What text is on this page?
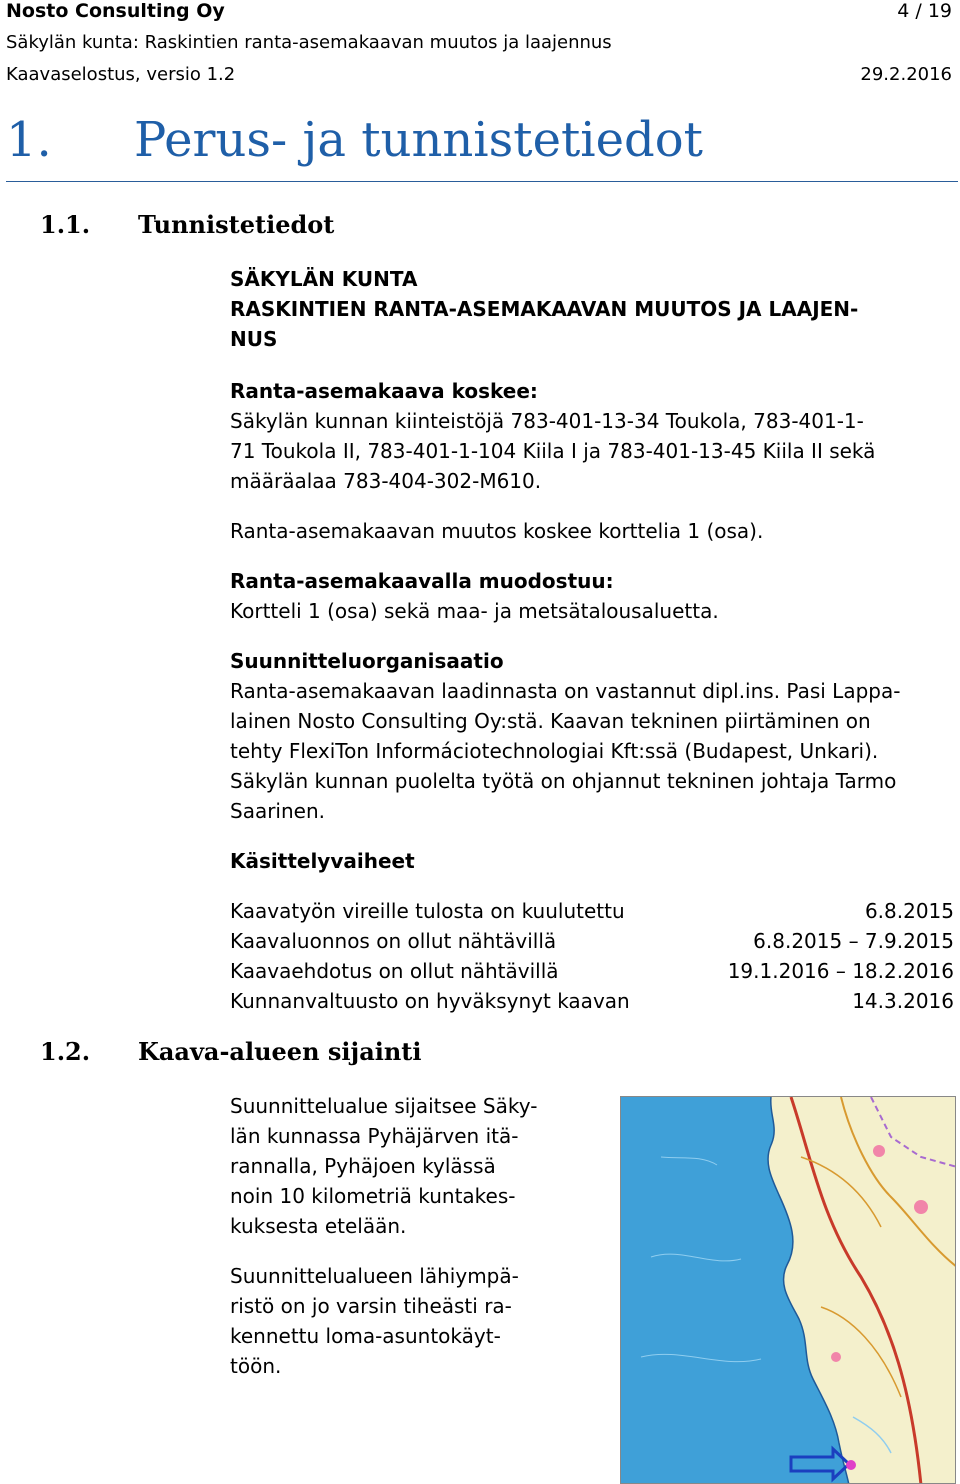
Nosto Consulting Oy	4 / 19
Säkylän kunta: Raskintien ranta-asemakaavan muutos ja laajennus
Kaavaselostus, versio 1.2	29.2.2016
1. Perus- ja tunnistetiedot
1.1. Tunnistetiedot
SÄKYLÄN KUNTA
RASKINTIEN RANTA-ASEMAKAAVAN MUUTOS JA LAAJEN-
NUS
Ranta-asemakaava koskee:
Säkylän kunnan kiinteistöjä 783-401-13-34 Toukola, 783-401-1-
71 Toukola II, 783-401-1-104 Kiila I ja 783-401-13-45 Kiila II sekä
määräalaa 783-404-302-M610.
Ranta-asemakaavan muutos koskee korttelia 1 (osa).
Ranta-asemakaavalla muodostuu:
Kortteli 1 (osa) sekä maa- ja metsätalousaluetta.
Suunnitteluorganisaatio
Ranta-asemakaavan laadinnasta on vastannut dipl.ins. Pasi Lappa-
lainen Nosto Consulting Oy:stä. Kaavan tekninen piirtäminen on
tehty FlexiTon Informáciotechnologiai Kft:ssä (Budapest, Unkari).
Säkylän kunnan puolelta työtä on ohjannut tekninen johtaja Tarmo
Saarinen.
Käsittelyvaiheet
Kaavatyön vireille tulosta on kuulutettu	6.8.2015
Kaavaluonnos on ollut nähtävillä	6.8.2015 – 7.9.2015
Kaavaehdotus on ollut nähtävillä	19.1.2016 – 18.2.2016
Kunnanvaltuusto on hyväksynyt kaavan	14.3.2016
1.2. Kaava-alueen sijainti
Suunnittelualue sijaitsee Säky-
län kunnassa Pyhäjärven itä-
rannalla, Pyhäjoen kylässä
noin 10 kilometriä kuntakes-
kuksesta etelään.
Suunnittelualueen lähiympä-
ristö on jo varsin tiheästi ra-
kennettu loma-asuntokäyt-
töön.
